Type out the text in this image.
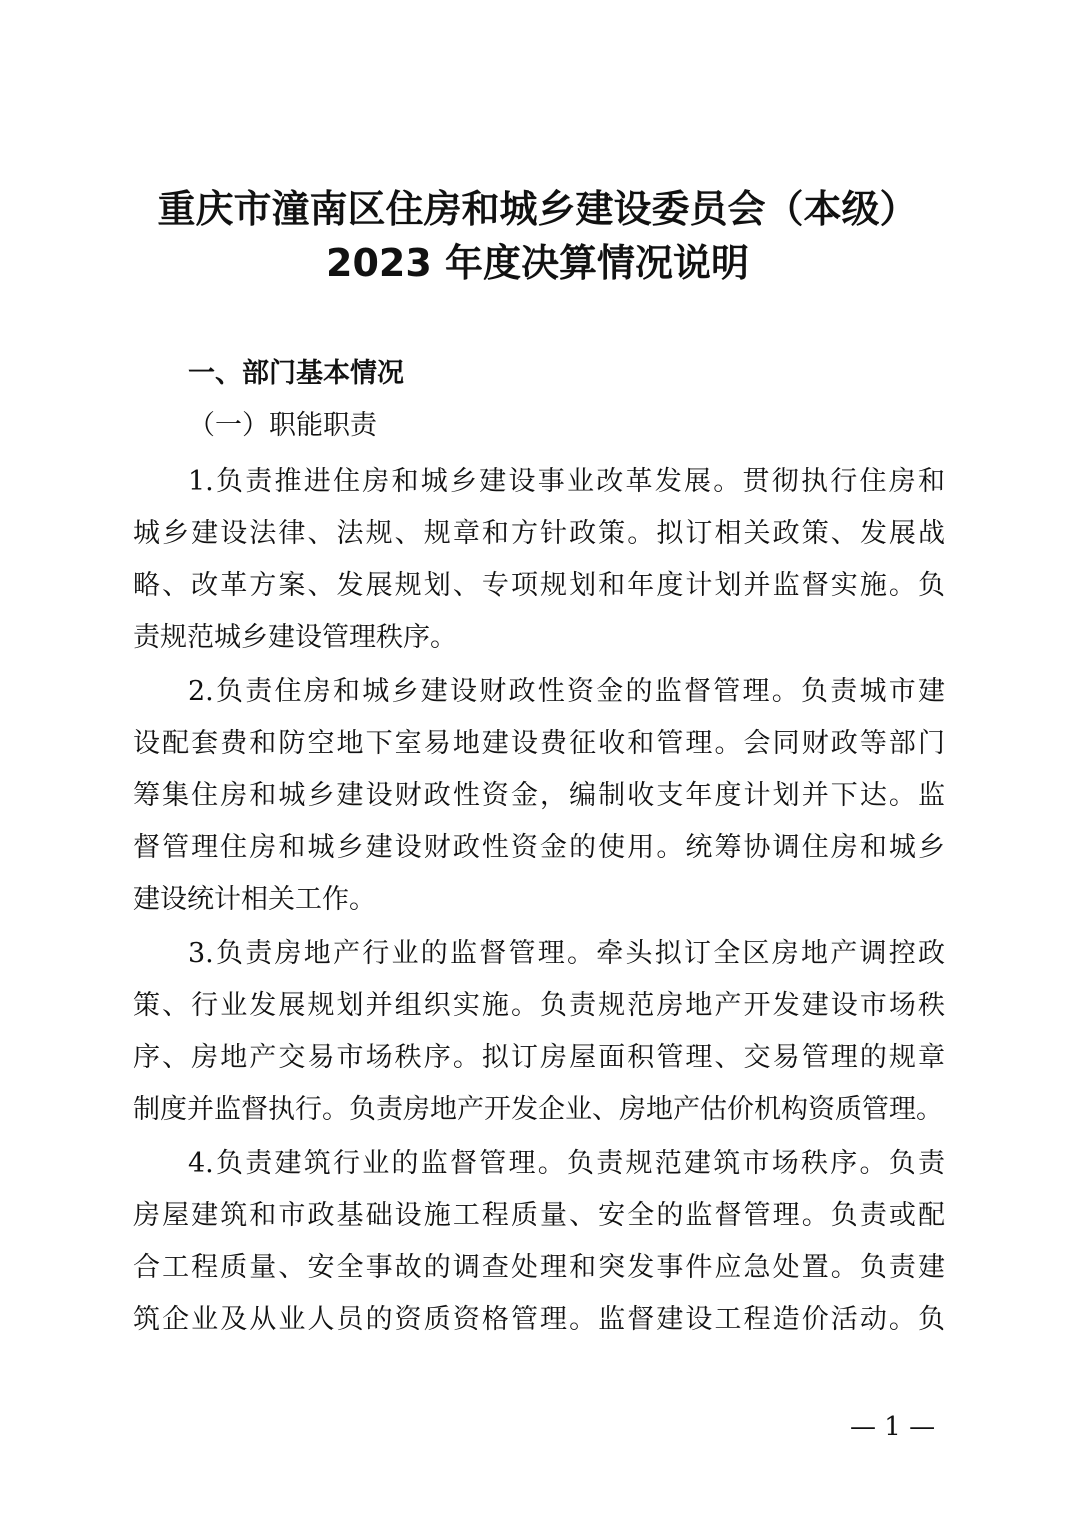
重庆市潼南区住房和城乡建设委员会（本级）
2023 年度决算情况说明
一、部门基本情况
（一）职能职责
1.负责推进住房和城乡建设事业改革发展。贯彻执行住房和
城乡建设法律、法规、规章和方针政策。拟订相关政策、发展战
略、改革方案、发展规划、专项规划和年度计划并监督实施。负
责规范城乡建设管理秩序。
2.负责住房和城乡建设财政性资金的监督管理。负责城市建
设配套费和防空地下室易地建设费征收和管理。会同财政等部门
筹集住房和城乡建设财政性资金，编制收支年度计划并下达。监
督管理住房和城乡建设财政性资金的使用。统筹协调住房和城乡
建设统计相关工作。
3.负责房地产行业的监督管理。牵头拟订全区房地产调控政
策、行业发展规划并组织实施。负责规范房地产开发建设市场秩
序、房地产交易市场秩序。拟订房屋面积管理、交易管理的规章
制度并监督执行。负责房地产开发企业、房地产估价机构资质管理。
4.负责建筑行业的监督管理。负责规范建筑市场秩序。负责
房屋建筑和市政基础设施工程质量、安全的监督管理。负责或配
合工程质量、安全事故的调查处理和突发事件应急处置。负责建
筑企业及从业人员的资质资格管理。监督建设工程造价活动。负
— 1 —
